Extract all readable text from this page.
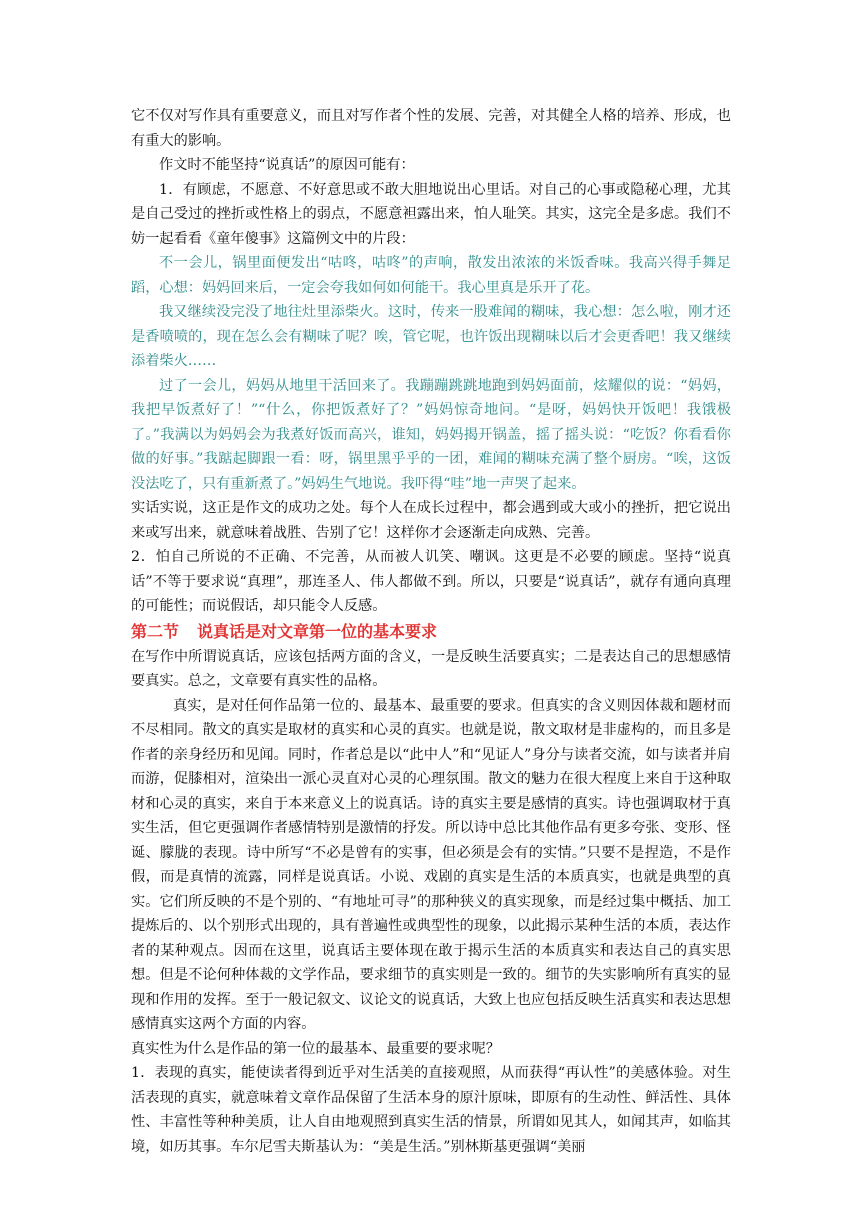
它不仅对写作具有重要意义，而且对写作者个性的发展、完善，对其健全人格的培养、形成，也有重大的影响。

作文时不能坚持“说真话”的原因可能有：

1．有顾虑，不愿意、不好意思或不敢大胆地说出心里话。对自己的心事或隐秘心理，尤其是自己受过的挫折或性格上的弱点，不愿意袒露出来，怕人耻笑。其实，这完全是多虑。我们不妨一起看看《童年傻事》这篇例文中的片段：

不一会儿，锅里面便发出“咕咚，咕咚”的声响，散发出浓浓的米饭香味。我高兴得手舞足蹈，心想：妈妈回来后，一定会夸我如何如何能干。我心里真是乐开了花。

我又继续没完没了地往灶里添柴火。这时，传来一股难闻的糊味，我心想：怎么啦，刚才还是香喷喷的，现在怎么会有糊味了呢？唉，管它呢，也许饭出现糊味以后才会更香吧！我又继续添着柴火……

过了一会儿，妈妈从地里干活回来了。我蹦蹦跳跳地跑到妈妈面前，炫耀似的说：“妈妈，我把早饭煮好了！”“什么，你把饭煮好了？”妈妈惊奇地问。“是呀，妈妈快开饭吧！我饿极了。”我满以为妈妈会为我煮好饭而高兴，谁知，妈妈揭开锅盖，摇了摇头说：“吃饭？你看看你做的好事。”我踮起脚跟一看：呀，锅里黑乎乎的一团，难闻的糊味充满了整个厨房。“唉，这饭没法吃了，只有重新煮了。”妈妈生气地说。我吓得“哇”地一声哭了起来。

实话实说，这正是作文的成功之处。每个人在成长过程中，都会遇到或大或小的挫折，把它说出来或写出来，就意味着战胜、告别了它！这样你才会逐渐走向成熟、完善。

2．怕自己所说的不正确、不完善，从而被人讥笑、嘲讽。这更是不必要的顾虑。坚持“说真话”不等于要求说“真理”，那连圣人、伟人都做不到。所以，只要是“说真话”，就存有通向真理的可能性；而说假话，却只能令人反感。

第二节 说真话是对文章第一位的基本要求

在写作中所谓说真话，应该包括两方面的含义，一是反映生活要真实；二是表达自己的思想感情要真实。总之，文章要有真实性的品格。

真实，是对任何作品第一位的、最基本、最重要的要求。但真实的含义则因体裁和题材而不尽相同。散文的真实是取材的真实和心灵的真实。也就是说，散文取材是非虚构的，而且多是作者的亲身经历和见闻。同时，作者总是以“此中人”和“见证人”身分与读者交流，如与读者并肩而游，促膝相对，渲染出一派心灵直对心灵的心理氛围。散文的魅力在很大程度上来自于这种取材和心灵的真实，来自于本来意义上的说真话。诗的真实主要是感情的真实。诗也强调取材于真实生活，但它更强调作者感情特别是激情的抒发。所以诗中总比其他作品有更多夸张、变形、怪诞、朦胧的表现。诗中所写“不必是曾有的实事，但必须是会有的实情。”只要不是捏造，不是作假，而是真情的流露，同样是说真话。小说、戏剧的真实是生活的本质真实，也就是典型的真实。它们所反映的不是个别的、“有地址可寻”的那种狭义的真实现象，而是经过集中概括、加工提炼后的、以个别形式出现的，具有普遍性或典型性的现象，以此揭示某种生活的本质，表达作者的某种观点。因而在这里，说真话主要体现在敢于揭示生活的本质真实和表达自己的真实思想。但是不论何种体裁的文学作品，要求细节的真实则是一致的。细节的失实影响所有真实的显现和作用的发挥。至于一般记叙文、议论文的说真话，大致上也应包括反映生活真实和表达思想感情真实这两个方面的内容。

真实性为什么是作品的第一位的最基本、最重要的要求呢？

1．表现的真实，能使读者得到近乎对生活美的直接观照，从而获得“再认性”的美感体验。对生活表现的真实，就意味着文章作品保留了生活本身的原汁原味，即原有的生动性、鲜活性、具体性、丰富性等种种美质，让人自由地观照到真实生活的情景，所谓如见其人，如闻其声，如临其境，如历其事。车尔尼雪夫斯基认为：“美是生活。”别林斯基更强调“美丽
